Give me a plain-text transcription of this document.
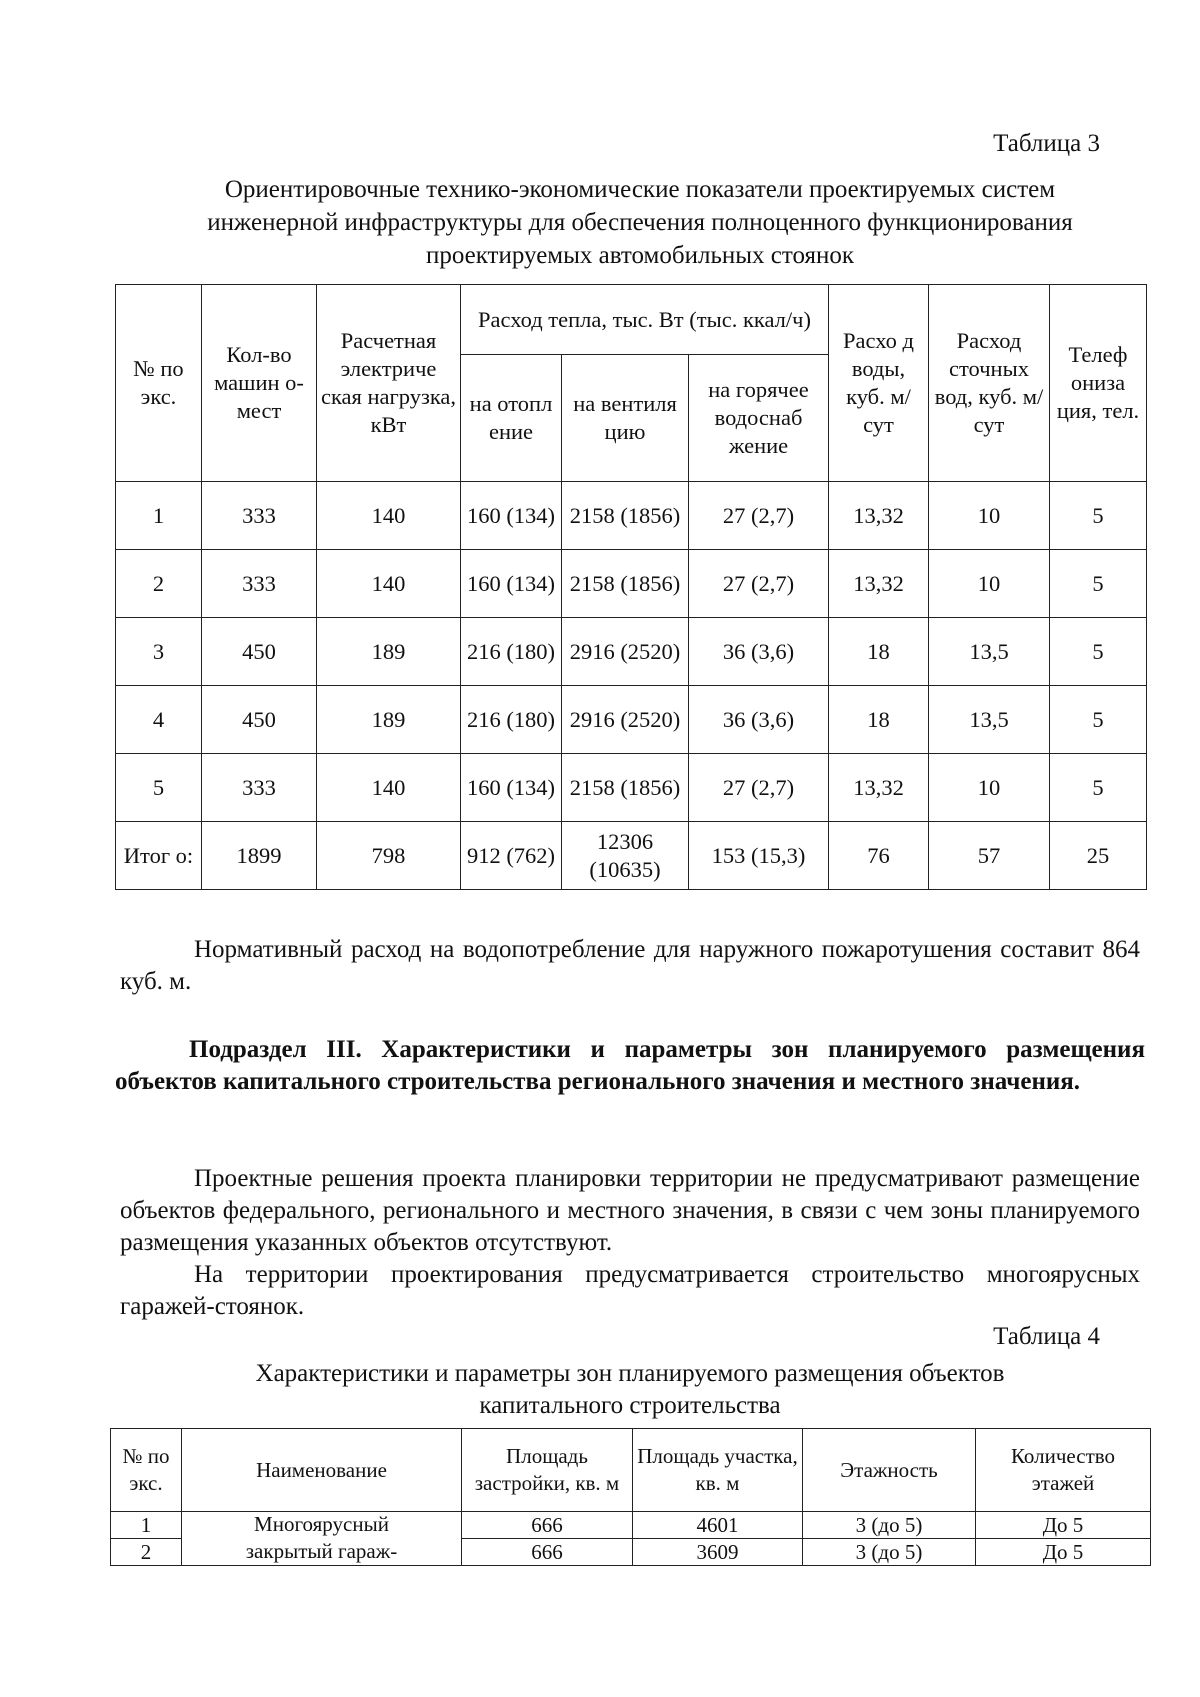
Таблица 3
Ориентировочные технико-экономические показатели проектируемых систем
инженерной инфраструктуры для обеспечения полноценного функционирования
проектируемых автомобильных стоянок
№ по экс.	Кол-во машин о-мест	Расчетная электриче ская нагрузка, кВт	Расход тепла, тыс. Вт (тыс. ккал/ч)			Расхо д воды, куб. м/сут	Расход сточных вод, куб. м/сут	Телеф ониза ция, тел.
			на отопл ение	на вентиля цию	на горячее водоснаб жение			
1	333	140	160 (134)	2158 (1856)	27 (2,7)	13,32	10	5
2	333	140	160 (134)	2158 (1856)	27 (2,7)	13,32	10	5
3	450	189	216 (180)	2916 (2520)	36 (3,6)	18	13,5	5
4	450	189	216 (180)	2916 (2520)	36 (3,6)	18	13,5	5
5	333	140	160 (134)	2158 (1856)	27 (2,7)	13,32	10	5
Итог о:	1899	798	912 (762)	12306 (10635)	153 (15,3)	76	57	25
Нормативный расход на водопотребление для наружного пожаротушения составит 864 куб. м.
Подраздел III. Характеристики и параметры зон планируемого размещения объектов капитального строительства регионального значения и местного значения.
Проектные решения проекта планировки территории не предусматривают размещение объектов федерального, регионального и местного значения, в связи с чем зоны планируемого размещения указанных объектов отсутствуют.
На территории проектирования предусматривается строительство многоярусных гаражей-стоянок.
Таблица 4
Характеристики и параметры зон планируемого размещения объектов
капитального строительства
№ по экс.	Наименование	Площадь застройки, кв. м	Площадь участка, кв. м	Этажность	Количество этажей
1	Многоярусный	666	4601	3 (до 5)	До 5
2	закрытый гараж-	666	3609	3 (до 5)	До 5
